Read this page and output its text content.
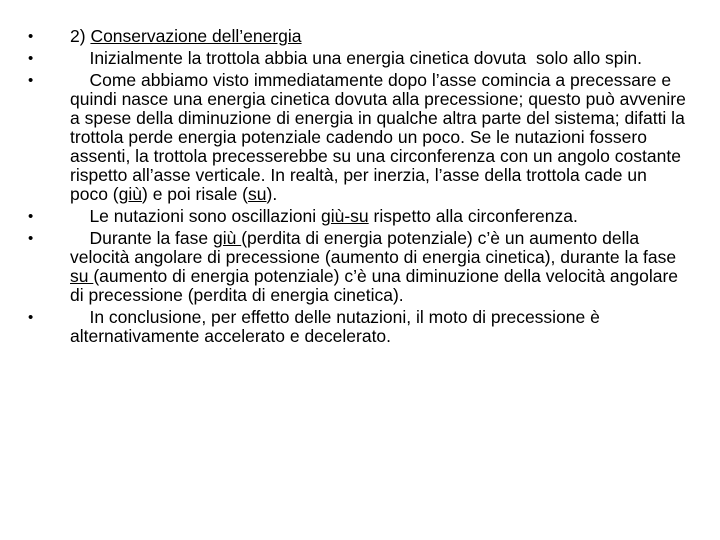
•	2) Conservazione dell’energia
•	Inizialmente la trottola abbia una energia cinetica dovuta  solo allo spin.
•	Come abbiamo visto immediatamente dopo l’asse comincia a precessare e quindi nasce una energia cinetica dovuta alla precessione; questo può avvenire a spese della diminuzione di energia in qualche altra parte del sistema; difatti la trottola perde energia potenziale cadendo un poco. Se le nutazioni fossero assenti, la trottola precesserebbe su una circonferenza con un angolo costante rispetto all’asse verticale. In realtà, per inerzia, l’asse della trottola cade un poco (giù) e poi risale (su).
•	Le nutazioni sono oscillazioni giù-su rispetto alla circonferenza.
•	Durante la fase giù (perdita di energia potenziale) c’è un aumento della velocità angolare di precessione (aumento di energia cinetica), durante la fase su (aumento di energia potenziale) c’è una diminuzione della velocità angolare di precessione (perdita di energia cinetica).
•	In conclusione, per effetto delle nutazioni, il moto di precessione è alternativamente accelerato e decelerato.
